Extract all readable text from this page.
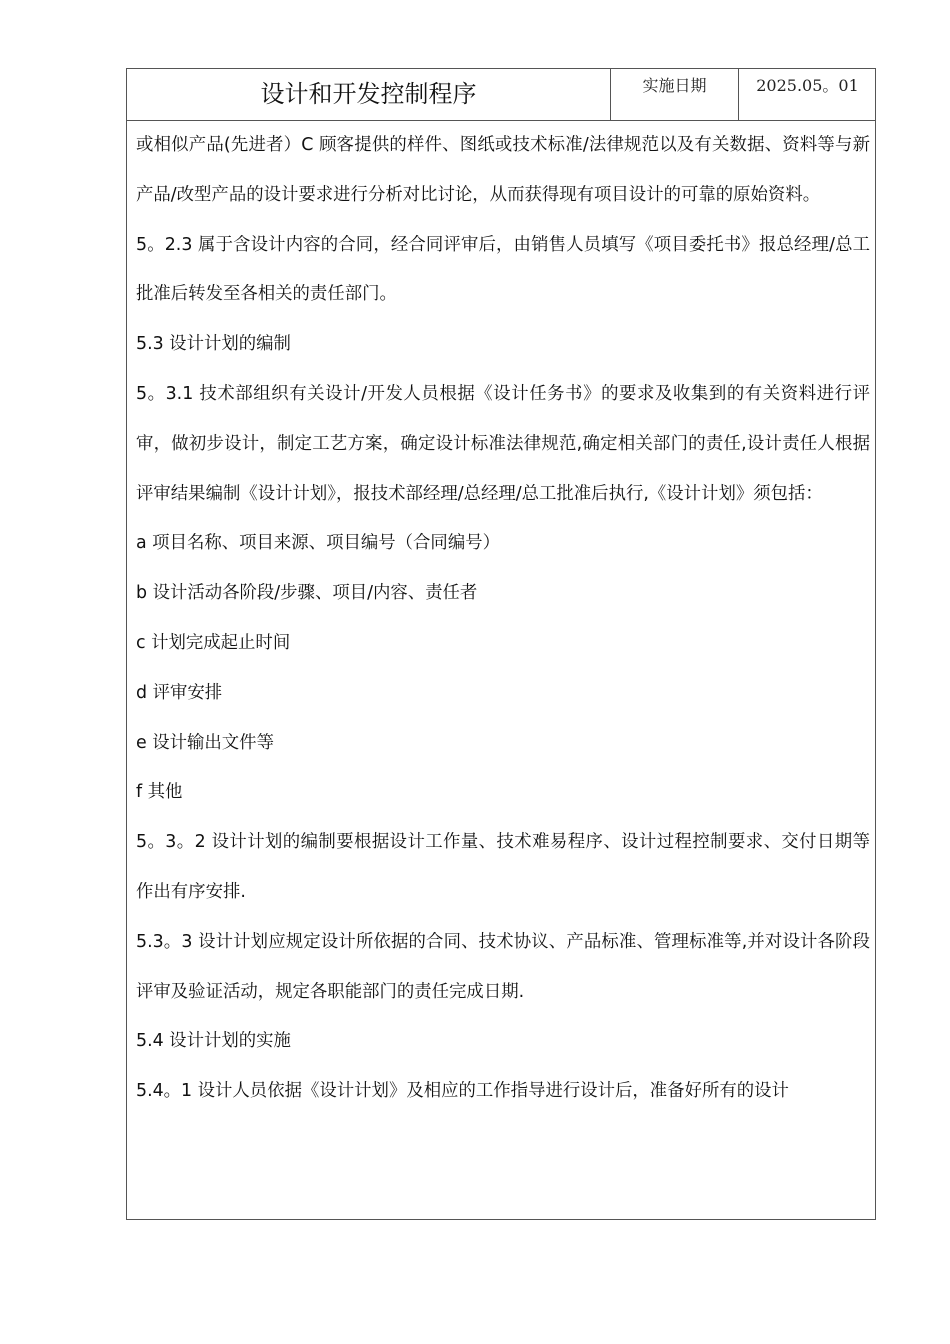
设计和开发控制程序	实施日期	2025.05。01

或相似产品(先进者）C 顾客提供的样件、图纸或技术标准/法律规范以及有关数据、资料等与新产品/改型产品的设计要求进行分析对比讨论，从而获得现有项目设计的可靠的原始资料。

5。2.3 属于含设计内容的合同，经合同评审后，由销售人员填写《项目委托书》报总经理/总工批准后转发至各相关的责任部门。

5.3 设计计划的编制

5。3.1 技术部组织有关设计/开发人员根据《设计任务书》的要求及收集到的有关资料进行评审，做初步设计，制定工艺方案，确定设计标准法律规范,确定相关部门的责任,设计责任人根据评审结果编制《设计计划》，报技术部经理/总经理/总工批准后执行,《设计计划》须包括：

a 项目名称、项目来源、项目编号（合同编号）

b 设计活动各阶段/步骤、项目/内容、责任者

c 计划完成起止时间

d 评审安排

e 设计输出文件等

f 其他

5。3。2 设计计划的编制要根据设计工作量、技术难易程序、设计过程控制要求、交付日期等作出有序安排.

5.3。3 设计计划应规定设计所依据的合同、技术协议、产品标准、管理标准等,并对设计各阶段评审及验证活动，规定各职能部门的责任完成日期.

5.4 设计计划的实施

5.4。1 设计人员依据《设计计划》及相应的工作指导进行设计后，准备好所有的设计
